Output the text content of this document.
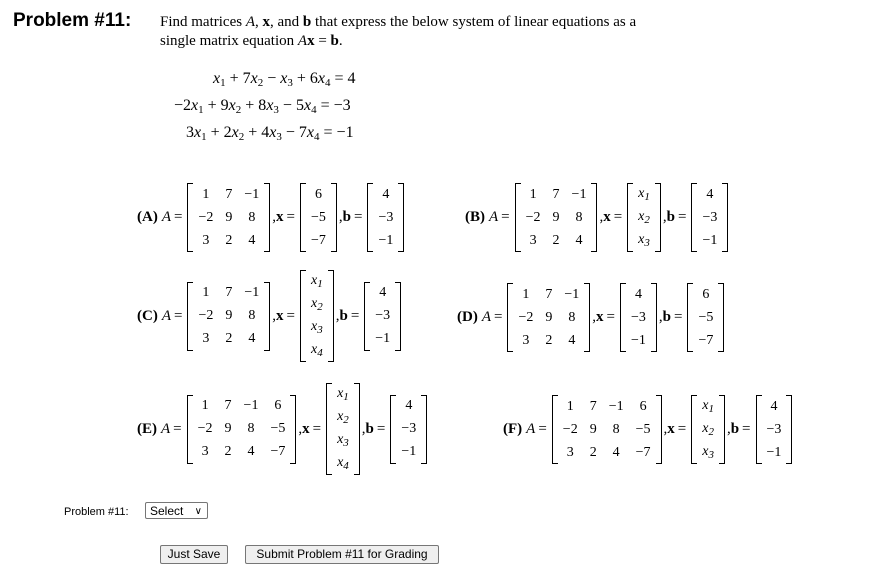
Problem #11: Find matrices A, x, and b that express the below system of linear equations as a
single matrix equation Ax = b.
$x_1 + 7x_2 - x_3 + 6x_4 = 4$
$-2x_1 + 9x_2 + 8x_3 - 5x_4 = -3$
$3x_1 + 2x_2 + 4x_3 - 7x_4 = -1$
(A) A =
1	7	−1
−2	9	8
3	2	4
, x =
6
−5
−7
, b =
4
−3
−1
(B) A =
1	7	−1
−2	9	8
3	2	4
, x =
$x_1$
$x_2$
$x_3$
, b =
4
−3
−1
(C) A =
1	7	−1
−2	9	8
3	2	4
, x =
$x_1$
$x_2$
$x_3$
$x_4$
, b =
4
−3
−1
(D) A =
1	7	−1
−2	9	8
3	2	4
, x =
4
−3
−1
, b =
6
−5
−7
(E) A =
1	7	−1	6
−2	9	8	−5
3	2	4	−7
, x =
$x_1$
$x_2$
$x_3$
$x_4$
, b =
4
−3
−1
(F) A =
1	7	−1	6
−2	9	8	−5
3	2	4	−7
, x =
$x_1$
$x_2$
$x_3$
, b =
4
−3
−1
Problem #11:	Select ∨
Just Save	Submit Problem #11 for Grading
